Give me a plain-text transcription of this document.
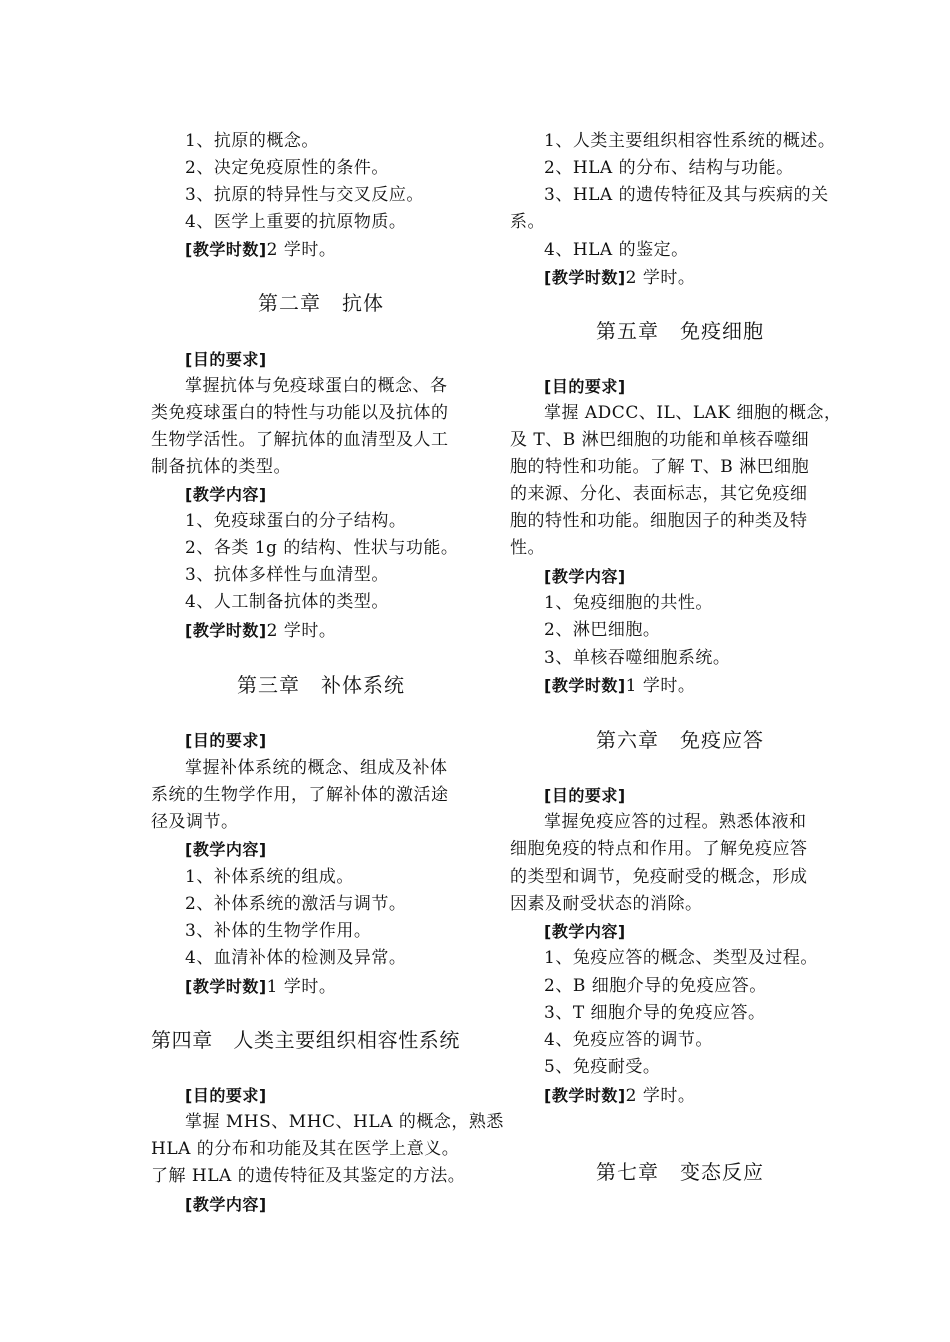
1、抗原的概念。
2、决定免疫原性的条件。
3、抗原的特异性与交叉反应。
4、医学上重要的抗原物质。
[教学时数]2 学时。
第二章　抗体
[目的要求]
掌握抗体与免疫球蛋白的概念、各
类免疫球蛋白的特性与功能以及抗体的
生物学活性。了解抗体的血清型及人工
制备抗体的类型。
[教学内容]
1、免疫球蛋白的分子结构。
2、各类 1g 的结构、性状与功能。
3、抗体多样性与血清型。
4、人工制备抗体的类型。
[教学时数]2 学时。
第三章　补体系统
[目的要求]
掌握补体系统的概念、组成及补体
系统的生物学作用，了解补体的激活途
径及调节。
[教学内容]
1、补体系统的组成。
2、补体系统的激活与调节。
3、补体的生物学作用。
4、血清补体的检测及异常。
[教学时数]1 学时。
第四章　人类主要组织相容性系统
[目的要求]
掌握 MHS、MHC、HLA 的概念，熟悉
HLA 的分布和功能及其在医学上意义。
了解 HLA 的遗传特征及其鉴定的方法。
[教学内容]
1、人类主要组织相容性系统的概述。
2、HLA 的分布、结构与功能。
3、HLA 的遗传特征及其与疾病的关
系。
4、HLA 的鉴定。
[教学时数]2 学时。
第五章　免疫细胞
[目的要求]
掌握 ADCC、IL、LAK 细胞的概念，
及 T、B 淋巴细胞的功能和单核吞噬细
胞的特性和功能。了解 T、B 淋巴细胞
的来源、分化、表面标志，其它免疫细
胞的特性和功能。细胞因子的种类及特
性。
[教学内容]
1、兔疫细胞的共性。
2、淋巴细胞。
3、单核吞噬细胞系统。
[教学时数]1 学时。
第六章　免疫应答
[目的要求]
掌握免疫应答的过程。熟悉体液和
细胞免疫的特点和作用。了解免疫应答
的类型和调节，免疫耐受的概念，形成
因素及耐受状态的消除。
[教学内容]
1、兔疫应答的概念、类型及过程。
2、B 细胞介导的免疫应答。
3、T 细胞介导的免疫应答。
4、免疫应答的调节。
5、免疫耐受。
[教学时数]2 学时。
第七章　变态反应
